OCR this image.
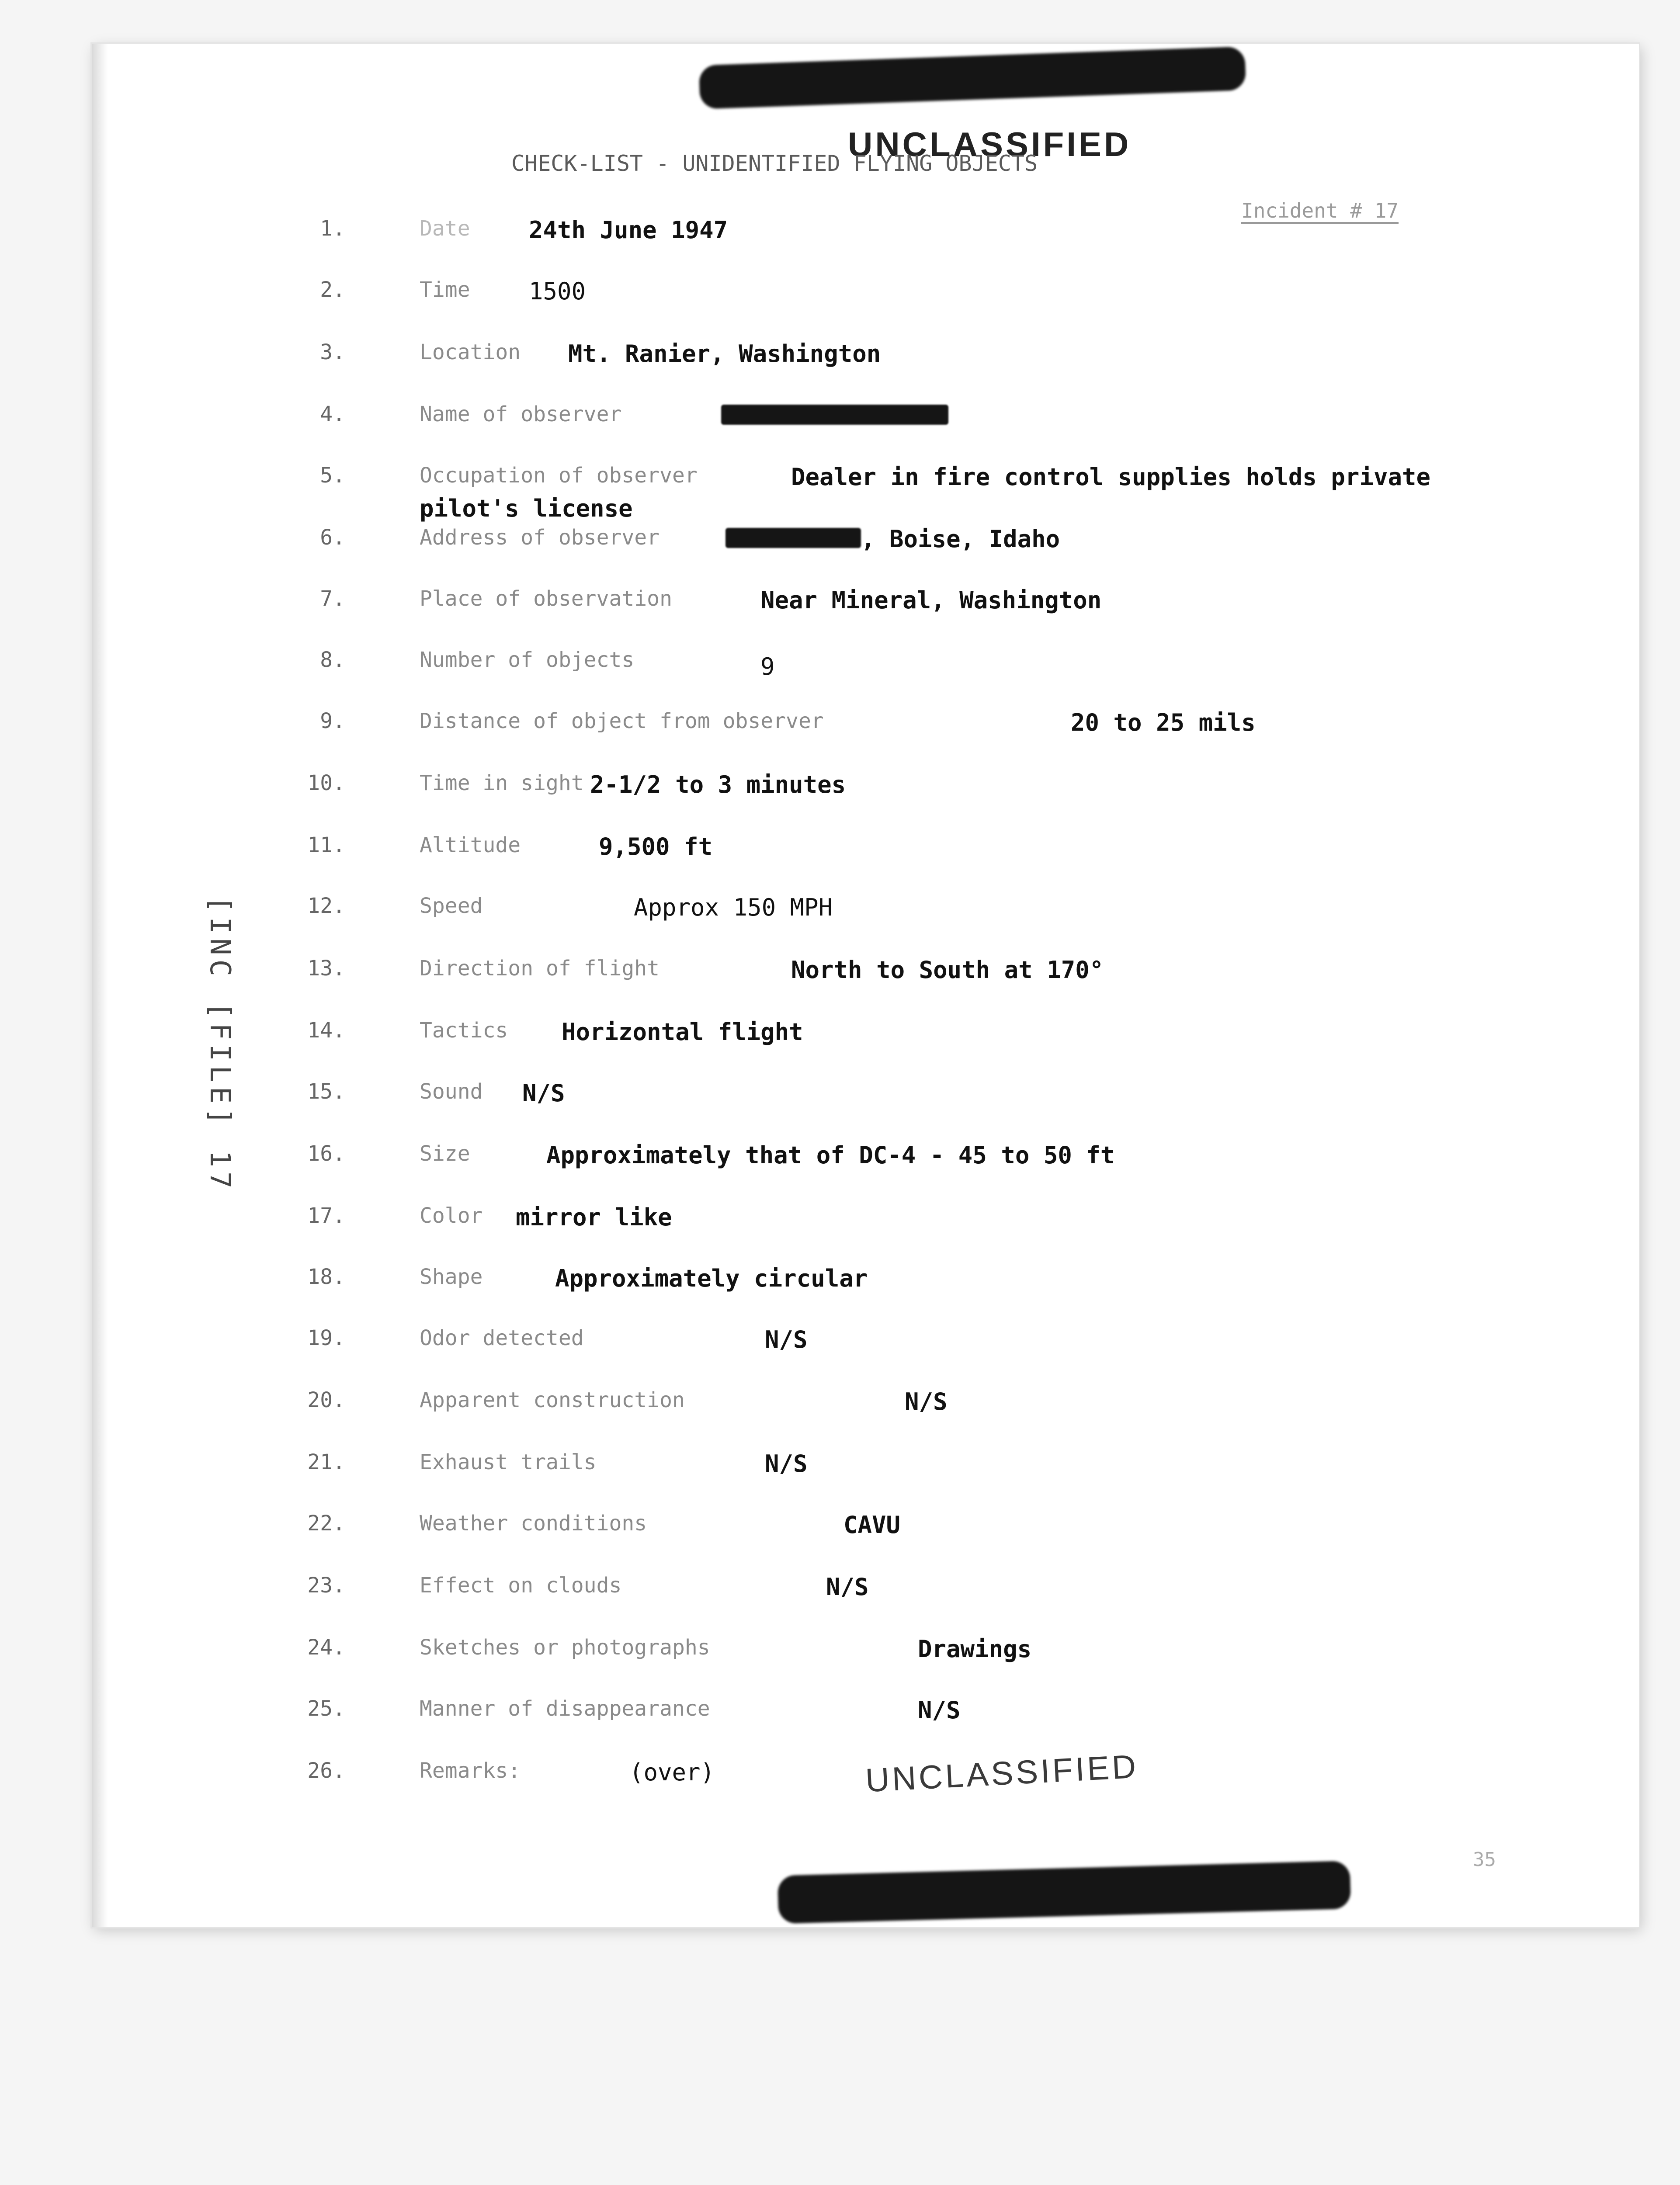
UNCLASSIFIED
CHECK-LIST - UNIDENTIFIED FLYING OBJECTS
Incident # 17
[INC [FILE] 17
1.	Date 24th June 1947
2.	Time 1500
3.	Location Mt. Ranier, Washington
4.	Name of observer
5.	Occupation of observer	Dealer in fire control supplies holds private
pilot's license
6.	Address of observer	, Boise, Idaho
7.	Place of observation	Near Mineral, Washington
8.	Number of objects	9
9.	Distance of object from observer	20 to 25 mils
10.	Time in sight 2-1/2 to 3 minutes
11.	Altitude	9,500 ft
12.	Speed	Approx 150 MPH
13.	Direction of flight	North to South at 170°
14.	Tactics Horizontal flight
15.	Sound N/S
16.	Size	Approximately that of DC-4 - 45 to 50 ft
17.	Color mirror like
18.	Shape	Approximately circular
19.	Odor detected	N/S
20.	Apparent construction	N/S
21.	Exhaust trails	N/S
22.	Weather conditions	CAVU
23.	Effect on clouds	N/S
24.	Sketches or photographs	Drawings
25.	Manner of disappearance	N/S
26.	Remarks:	(over)	UNCLASSIFIED
35
